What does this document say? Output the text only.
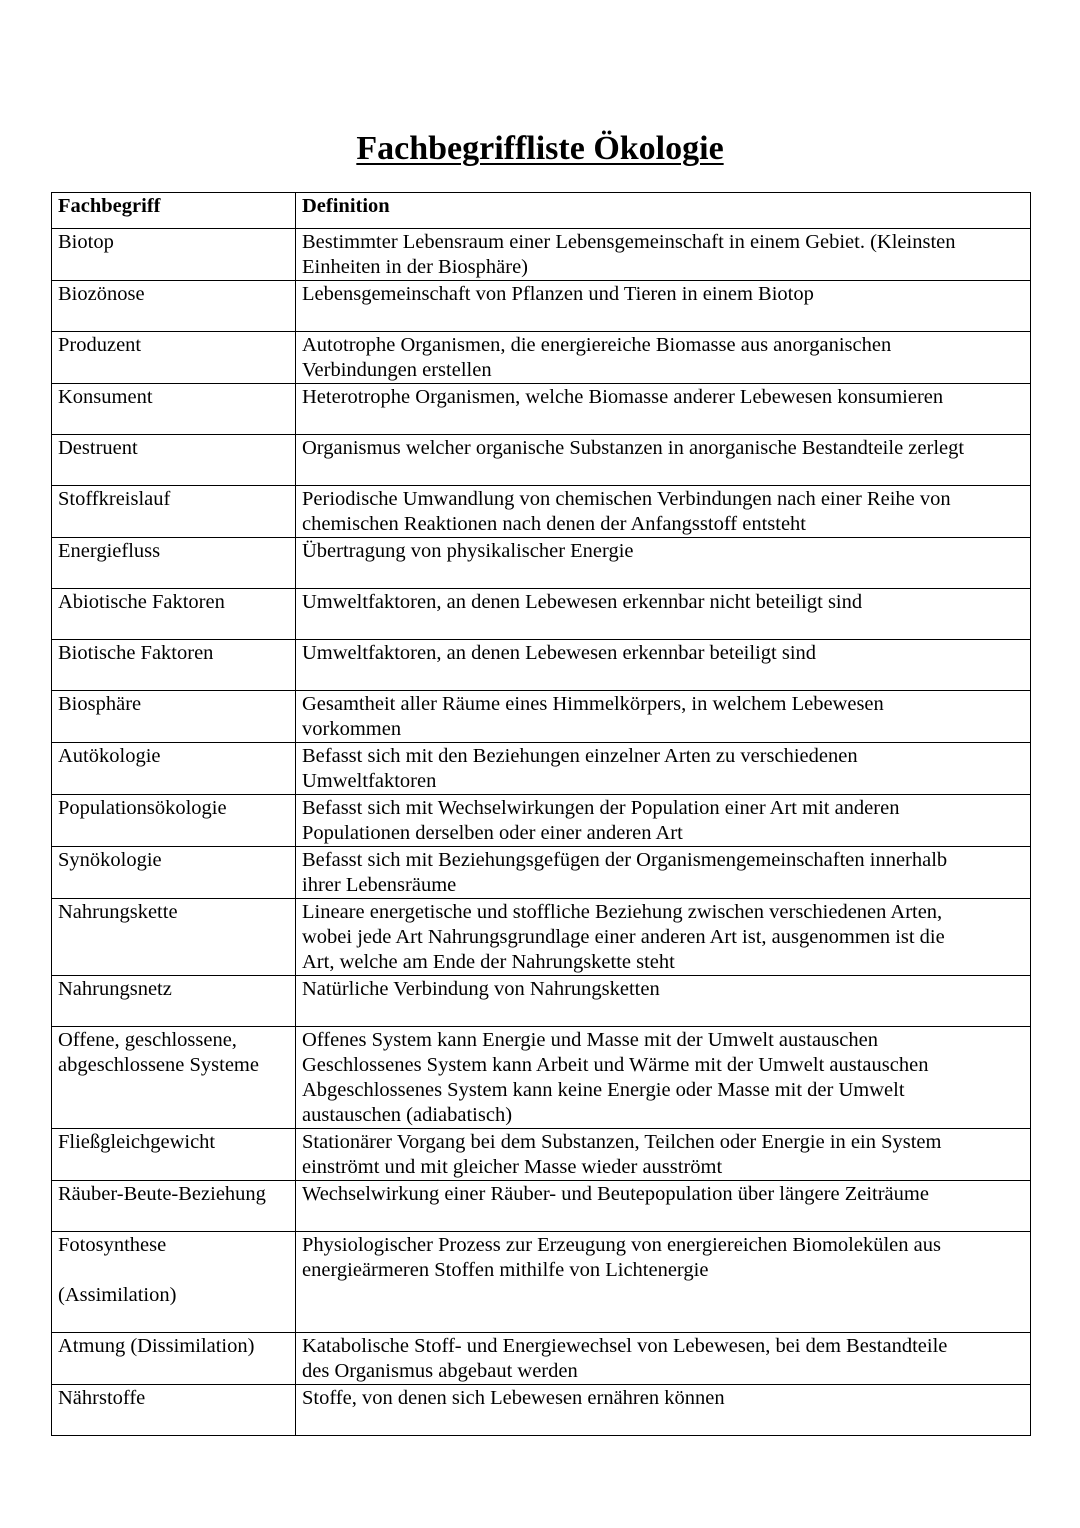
Fachbegriffliste Ökologie
Fachbegriff	Definition

Biotop	Bestimmter Lebensraum einer Lebensgemeinschaft in einem Gebiet. (Kleinsten
Einheiten in der Biosphäre)

Biozönose	Lebensgemeinschaft von Pflanzen und Tieren in einem Biotop

Produzent	Autotrophe Organismen, die energiereiche Biomasse aus anorganischen
Verbindungen erstellen

Konsument	Heterotrophe Organismen, welche Biomasse anderer Lebewesen konsumieren

Destruent	Organismus welcher organische Substanzen in anorganische Bestandteile zerlegt

Stoffkreislauf	Periodische Umwandlung von chemischen Verbindungen nach einer Reihe von
chemischen Reaktionen nach denen der Anfangsstoff entsteht

Energiefluss	Übertragung von physikalischer Energie

Abiotische Faktoren	Umweltfaktoren, an denen Lebewesen erkennbar nicht beteiligt sind

Biotische Faktoren	Umweltfaktoren, an denen Lebewesen erkennbar beteiligt sind

Biosphäre	Gesamtheit aller Räume eines Himmelkörpers, in welchem Lebewesen
vorkommen

Autökologie	Befasst sich mit den Beziehungen einzelner Arten zu verschiedenen
Umweltfaktoren

Populationsökologie	Befasst sich mit Wechselwirkungen der Population einer Art mit anderen
Populationen derselben oder einer anderen Art

Synökologie	Befasst sich mit Beziehungsgefügen der Organismengemeinschaften innerhalb
ihrer Lebensräume

Nahrungskette	Lineare energetische und stoffliche Beziehung zwischen verschiedenen Arten,
wobei jede Art Nahrungsgrundlage einer anderen Art ist, ausgenommen ist die
Art, welche am Ende der Nahrungskette steht

Nahrungsnetz	Natürliche Verbindung von Nahrungsketten

Offene, geschlossene,
abgeschlossene Systeme	Offenes System kann Energie und Masse mit der Umwelt austauschen
Geschlossenes System kann Arbeit und Wärme mit der Umwelt austauschen
Abgeschlossenes System kann keine Energie oder Masse mit der Umwelt
austauschen (adiabatisch)

Fließgleichgewicht	Stationärer Vorgang bei dem Substanzen, Teilchen oder Energie in ein System
einströmt und mit gleicher Masse wieder ausströmt

Räuber-Beute-Beziehung	Wechselwirkung einer Räuber- und Beutepopulation über längere Zeiträume

Fotosynthese

(Assimilation)	Physiologischer Prozess zur Erzeugung von energiereichen Biomolekülen aus
energieärmeren Stoffen mithilfe von Lichtenergie

Atmung (Dissimilation)	Katabolische Stoff- und Energiewechsel von Lebewesen, bei dem Bestandteile
des Organismus abgebaut werden

Nährstoffe	Stoffe, von denen sich Lebewesen ernähren können
